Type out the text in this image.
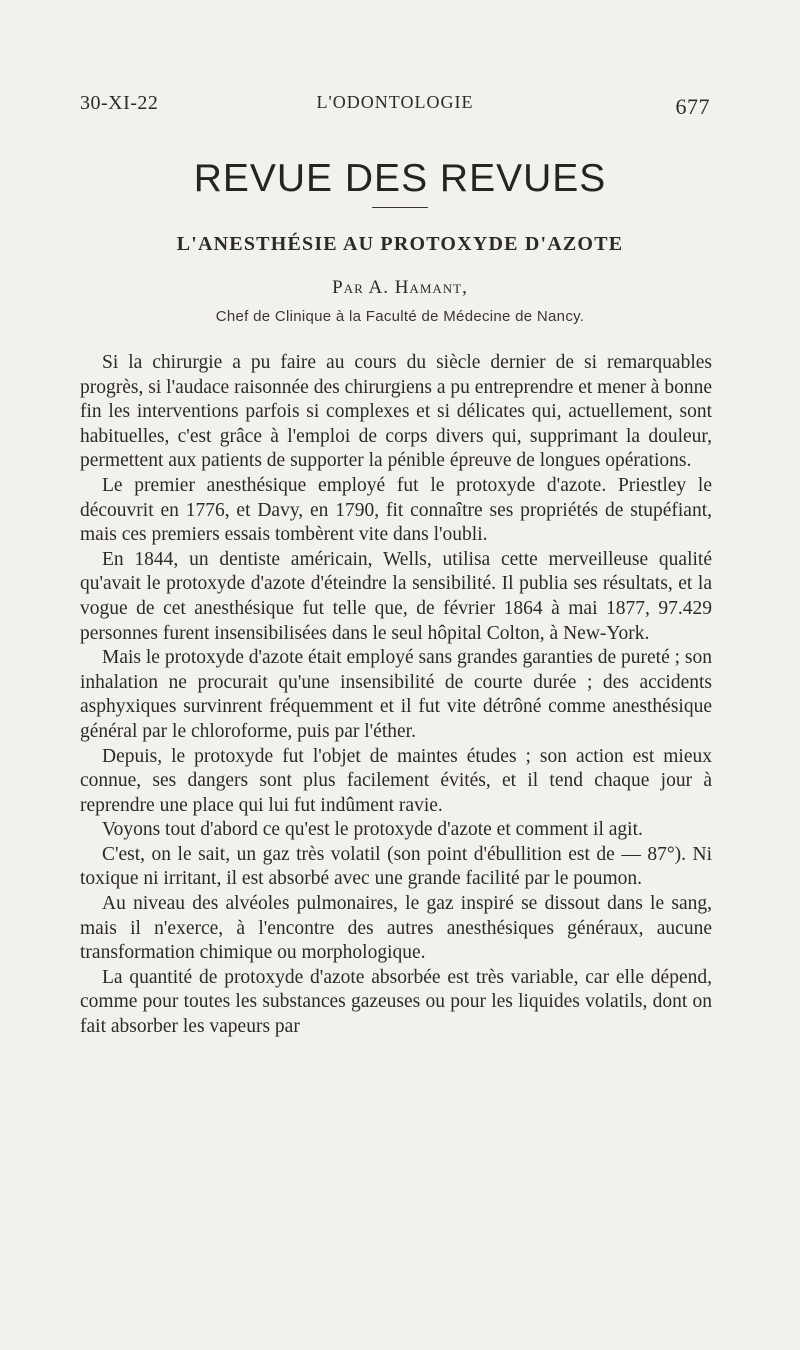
30-XI-22	L'ODONTOLOGIE	677
REVUE DES REVUES
L'ANESTHÉSIE AU PROTOXYDE D'AZOTE
Par A. Hamant,
Chef de Clinique à la Faculté de Médecine de Nancy.

Si la chirurgie a pu faire au cours du siècle dernier de si remarquables progrès, si l'audace raisonnée des chirurgiens a pu entreprendre et mener à bonne fin les interventions parfois si complexes et si délicates qui, actuellement, sont habituelles, c'est grâce à l'emploi de corps divers qui, supprimant la douleur, permettent aux patients de supporter la pénible épreuve de longues opérations.

Le premier anesthésique employé fut le protoxyde d'azote. Priestley le découvrit en 1776, et Davy, en 1790, fit connaître ses propriétés de stupéfiant, mais ces premiers essais tombèrent vite dans l'oubli.

En 1844, un dentiste américain, Wells, utilisa cette merveilleuse qualité qu'avait le protoxyde d'azote d'éteindre la sensibilité. Il publia ses résultats, et la vogue de cet anesthésique fut telle que, de février 1864 à mai 1877, 97.429 personnes furent insensibilisées dans le seul hôpital Colton, à New-York.

Mais le protoxyde d'azote était employé sans grandes garanties de pureté ; son inhalation ne procurait qu'une insensibilité de courte durée ; des accidents asphyxiques survinrent fréquemment et il fut vite détrôné comme anesthésique général par le chloroforme, puis par l'éther.

Depuis, le protoxyde fut l'objet de maintes études ; son action est mieux connue, ses dangers sont plus facilement évités, et il tend chaque jour à reprendre une place qui lui fut indûment ravie.

Voyons tout d'abord ce qu'est le protoxyde d'azote et comment il agit.

C'est, on le sait, un gaz très volatil (son point d'ébullition est de — 87°). Ni toxique ni irritant, il est absorbé avec une grande facilité par le poumon.

Au niveau des alvéoles pulmonaires, le gaz inspiré se dissout dans le sang, mais il n'exerce, à l'encontre des autres anesthésiques généraux, aucune transformation chimique ou morphologique.

La quantité de protoxyde d'azote absorbée est très variable, car elle dépend, comme pour toutes les substances gazeuses ou pour les liquides volatils, dont on fait absorber les vapeurs par
